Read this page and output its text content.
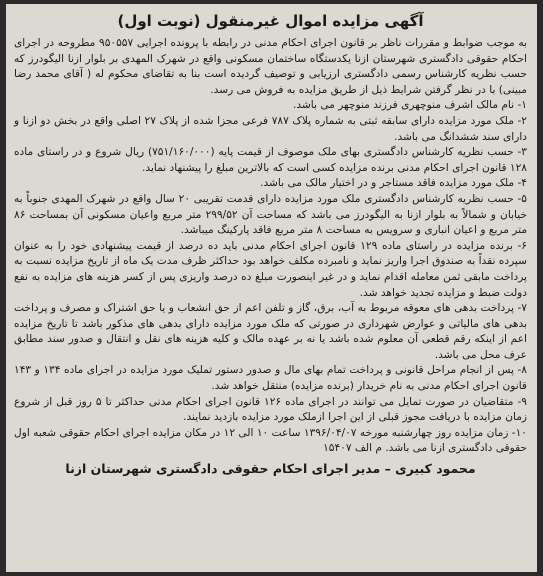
آگهی مزایده اموال غیرمنقول (نوبت اول)

به موجب ضوابط و مقررات ناظر بر قانون اجرای احکام مدنی در رابطه با پرونده اجرایی ۹۵۰۵۵۷ مطروحه در اجرای احکام حقوقی دادگستری شهرستان ازنا یکدستگاه ساختمان مسکونی واقع در شهرک المهدی بر بلوار ازنا الیگودرز که حسب نظریه کارشناس رسمی دادگستری ارزیابی و توصیف گردیده است بنا به تقاضای محکوم له ( آقای محمد رضا مبینی) با در نظر گرفتن شرایط ذیل از طریق مزایده به فروش می رسد.

۱- نام مالک اشرف منوچهری فرزند منوچهر می باشد.

۲- ملک مورد مزایده دارای سابقه ثبتی به شماره پلاک ۷۸۷ فرعی مجزا شده از پلاک ۲۷ اصلی واقع در بخش دو ازنا و دارای سند ششدانگ می باشد.

۳- حسب نظریه کارشناس دادگستری بهای ملک موصوف از قیمت پایه (۷۵۱/۱۶۰/۰۰۰) ریال شروع و در راستای ماده ۱۲۸ قانون اجرای احکام مدنی برنده مزایده کسی است که بالاترین مبلغ را پیشنهاد نماید.

۴- ملک مورد مزایده فاقد مستاجر و در اختیار مالک می باشد.

۵- حسب نظریه کارشناس دادگستری ملک مورد مزایده دارای قدمت تقریبی ۲۰ سال واقع در شهرک المهدی جنوباً به خیابان و شمالاً به بلوار ازنا به الیگودرز می باشد که مساحت آن ۲۹۹/۵۲ متر مربع واعیان مسکونی آن بمساحت ۸۶ متر مربع و اعیان انباری و سرویس به مساحت ۸ متر مربع فاقد پارکینگ میباشد.

۶- برنده مزایده در راستای ماده ۱۲۹ قانون اجرای احکام مدنی باید ده درصد از قیمت پیشنهادی خود را به عنوان سپرده نقداً به صندوق اجرا واریز نماید و نامبرده مکلف خواهد بود حداکثر ظرف مدت یک ماه از تاریخ مزایده نسبت به پرداخت مابقی ثمن معامله اقدام نماید و در غیر اینصورت مبلغ ده درصد واریزی پس از کسر هزینه های مزایده به نفع دولت ضبط و مزایده تجدید خواهد شد.

۷- پرداخت بدهی های معوقه مربوط به آب، برق، گاز و تلفن اعم از حق انشعاب و یا حق اشتراک و مصرف و پرداخت بدهی های مالیاتی و عوارض شهرداری در صورتی که ملک مورد مزایده دارای بدهی های مذکور باشد تا تاریخ مزایده اعم از اینکه رقم قطعی آن معلوم شده باشد یا نه بر عهده مالک و کلیه هزینه های نقل و انتقال و صدور سند مطابق عرف محل می باشد.

۸- پس از انجام مراحل قانونی و پرداخت تمام بهای مال و صدور دستور تملیک مورد مزایده در اجرای ماده ۱۳۴ و ۱۴۳ قانون اجرای احکام مدنی به نام خریدار (برنده مزایده) منتقل خواهد شد.

۹- متقاضیان در صورت تمایل می توانند در اجرای ماده ۱۲۶ قانون اجرای احکام مدنی حداکثر تا ۵ روز قبل از شروع زمان مزایده با دریافت مجوز قبلی از این اجرا ازملک مورد مزایده بازدید نمایند.

۱۰- زمان مزایده روز چهارشنبه مورخه ۱۳۹۶/۰۴/۰۷ ساعت ۱۰ الی ۱۲ در مکان مزایده اجرای احکام حقوقی شعبه اول حقوقی دادگستری ازنا می باشد. م الف ۱۵۴۰۷

محمود کبیری – مدیر اجرای احکام حقوقی دادگستری شهرستان ازنا
